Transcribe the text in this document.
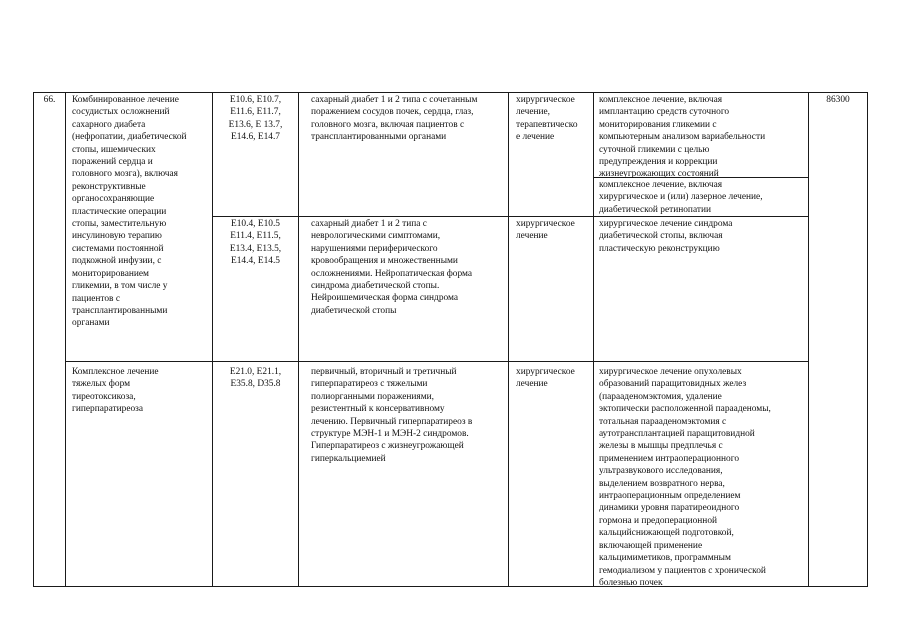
66.	86300
Комбинированное лечение
сосудистых осложнений
сахарного диабета
(нефропатии, диабетической
стопы, ишемических
поражений сердца и
головного мозга), включая
реконструктивные
органосохраняющие
пластические операции
стопы, заместительную
инсулиновую терапию
системами постоянной
подкожной инфузии, с
мониторированием
гликемии, в том числе у
пациентов с
трансплантированными
органами
E10.6, E10.7,
E11.6, E11.7,
E13.6, E 13.7,
E14.6, E14.7
сахарный диабет 1 и 2 типа с сочетанным
поражением сосудов почек, сердца, глаз,
головного мозга, включая пациентов с
трансплантированными органами
хирургическое
лечение,
терапевтическо
е лечение
комплексное лечение, включая
имплантацию средств суточного
мониторирования гликемии с
компьютерным анализом вариабельности
суточной гликемии с целью
предупреждения и коррекции
жизнеугрожающих состояний
комплексное лечение, включая
хирургическое и (или) лазерное лечение,
диабетической ретинопатии
E10.4, E10.5
E11.4, E11.5,
E13.4, E13.5,
E14.4, E14.5
сахарный диабет 1 и 2 типа с
неврологическими симптомами,
нарушениями периферического
кровообращения и множественными
осложнениями. Нейропатическая форма
синдрома диабетической стопы.
Нейроишемическая форма синдрома
диабетической стопы
хирургическое
лечение
хирургическое лечение синдрома
диабетической стопы, включая
пластическую реконструкцию
Комплексное лечение
тяжелых форм
тиреотоксикоза,
гиперпаратиреоза
E21.0, E21.1,
E35.8, D35.8
первичный, вторичный и третичный
гиперпаратиреоз с тяжелыми
полиорганными поражениями,
резистентный к консервативному
лечению. Первичный гиперпаратиреоз в
структуре МЭН-1 и МЭН-2 синдромов.
Гиперпаратиреоз с жизнеугрожающей
гиперкальциемией
хирургическое
лечение
хирургическое лечение опухолевых
образований паращитовидных желез
(парааденомэктомия, удаление
эктопически расположенной парааденомы,
тотальная парааденомэктомия с
аутотрансплантацией паращитовидной
железы в мышцы предплечья с
применением интраоперационного
ультразвукового исследования,
выделением возвратного нерва,
интраоперационным определением
динамики уровня паратиреоидного
гормона и предоперационной
кальцийснижающей подготовкой,
включающей применение
кальцимиметиков, программным
гемодиализом у пациентов с хронической
болезнью почек
